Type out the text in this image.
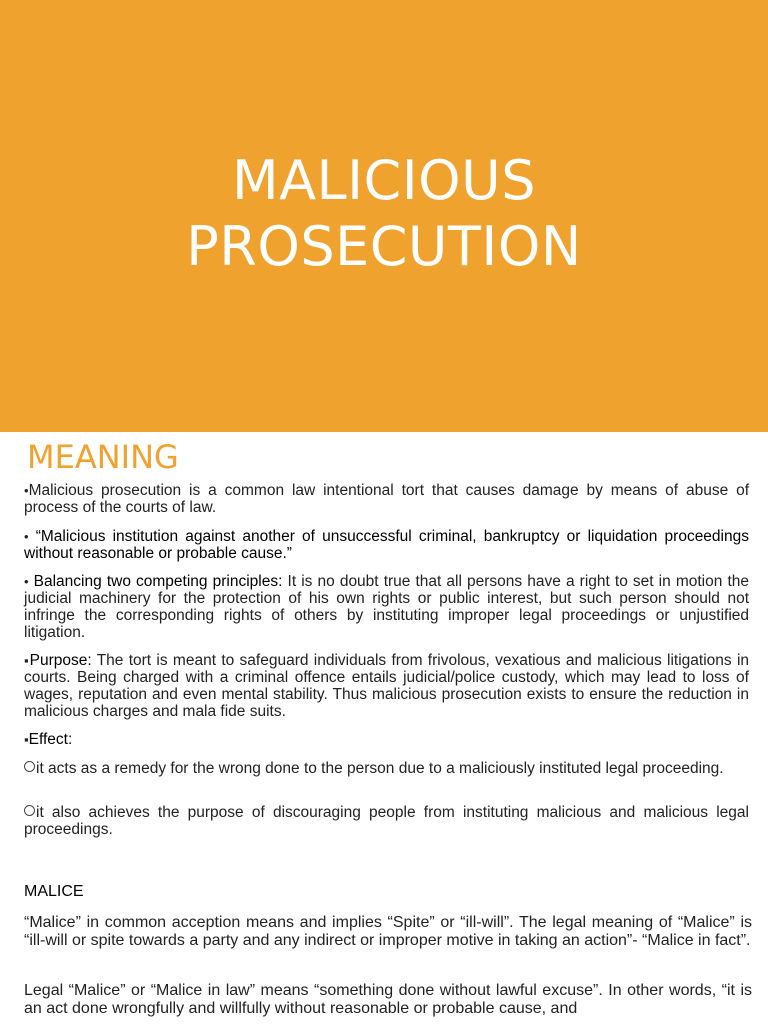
MALICIOUS
PROSECUTION
MEANING

•Malicious prosecution is a common law intentional tort that causes damage by means of abuse of process of the courts of law.

• “Malicious institution against another of unsuccessful criminal, bankruptcy or liquidation proceedings without reasonable or probable cause.”

• Balancing two competing principles: It is no doubt true that all persons have a right to set in motion the judicial machinery for the protection of his own rights or public interest, but such person should not infringe the corresponding rights of others by instituting improper legal proceedings or unjustified litigation.

▪Purpose: The tort is meant to safeguard individuals from frivolous, vexatious and malicious litigations in courts. Being charged with a criminal offence entails judicial/police custody, which may lead to loss of wages, reputation and even mental stability. Thus malicious prosecution exists to ensure the reduction in malicious charges and mala fide suits.

▪Effect:

it acts as a remedy for the wrong done to the person due to a maliciously instituted legal proceeding.

it also achieves the purpose of discouraging people from instituting malicious and malicious legal proceedings.

MALICE

“Malice” in common acception means and implies “Spite” or “ill-will”. The legal meaning of “Malice” is “ill-will or spite towards a party and any indirect or improper motive in taking an action”- “Malice in fact”.

Legal “Malice” or “Malice in law” means “something done without lawful excuse”. In other words, “it is an act done wrongfully and willfully without reasonable or probable cause, and
